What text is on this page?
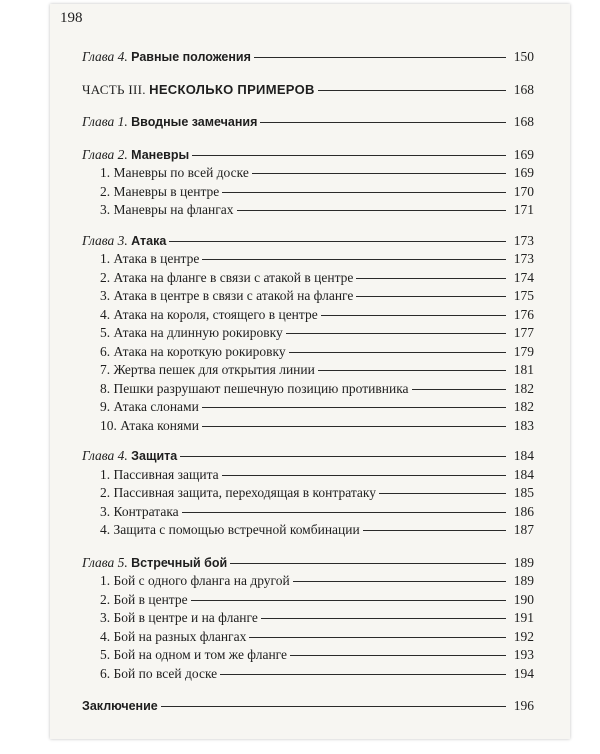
198
Глава 4. Равные положения	150
ЧАСТЬ III. НЕСКОЛЬКО ПРИМЕРОВ	168
Глава 1. Вводные замечания	168
Глава 2. Маневры	169
1. Маневры по всей доске	169
2. Маневры в центре	170
3. Маневры на флангах	171
Глава 3. Атака	173
1. Атака в центре	173
2. Атака на фланге в связи с атакой в центре	174
3. Атака в центре в связи с атакой на фланге	175
4. Атака на короля, стоящего в центре	176
5. Атака на длинную рокировку	177
6. Атака на короткую рокировку	179
7. Жертва пешек для открытия линии	181
8. Пешки разрушают пешечную позицию противника	182
9. Атака слонами	182
10. Атака конями	183
Глава 4. Защита	184
1. Пассивная защита	184
2. Пассивная защита, переходящая в контратаку	185
3. Контратака	186
4. Защита с помощью встречной комбинации	187
Глава 5. Встречный бой	189
1. Бой с одного фланга на другой	189
2. Бой в центре	190
3. Бой в центре и на фланге	191
4. Бой на разных флангах	192
5. Бой на одном и том же фланге	193
6. Бой по всей доске	194
Заключение	196
